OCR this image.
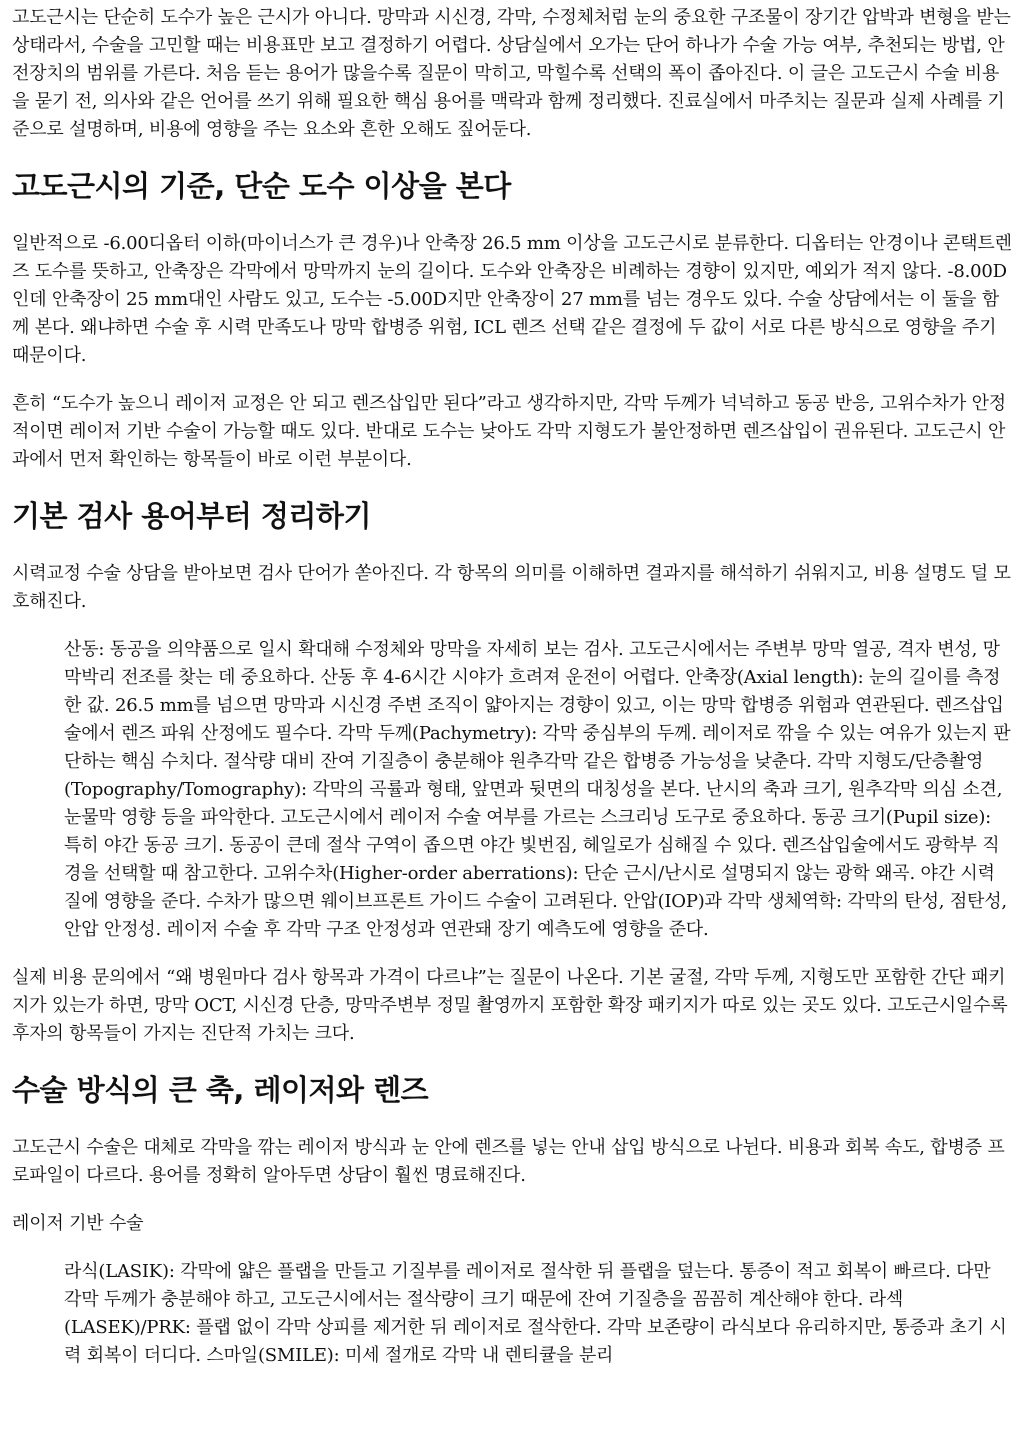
고도근시는 단순히 도수가 높은 근시가 아니다. 망막과 시신경, 각막, 수정체처럼 눈의 중요한 구조물이 장기간 압박과 변형을 받는 상태라서, 수술을 고민할 때는 비용표만 보고 결정하기 어렵다. 상담실에서 오가는 단어 하나가 수술 가능 여부, 추천되는 방법, 안전장치의 범위를 가른다. 처음 듣는 용어가 많을수록 질문이 막히고, 막힐수록 선택의 폭이 좁아진다. 이 글은 고도근시 수술 비용을 묻기 전, 의사와 같은 언어를 쓰기 위해 필요한 핵심 용어를 맥락과 함께 정리했다. 진료실에서 마주치는 질문과 실제 사례를 기준으로 설명하며, 비용에 영향을 주는 요소와 흔한 오해도 짚어둔다.

고도근시의 기준, 단순 도수 이상을 본다

일반적으로 -6.00디옵터 이하(마이너스가 큰 경우)나 안축장 26.5 mm 이상을 고도근시로 분류한다. 디옵터는 안경이나 콘택트렌즈 도수를 뜻하고, 안축장은 각막에서 망막까지 눈의 길이다. 도수와 안축장은 비례하는 경향이 있지만, 예외가 적지 않다. -8.00D인데 안축장이 25 mm대인 사람도 있고, 도수는 -5.00D지만 안축장이 27 mm를 넘는 경우도 있다. 수술 상담에서는 이 둘을 함께 본다. 왜냐하면 수술 후 시력 만족도나 망막 합병증 위험, ICL 렌즈 선택 같은 결정에 두 값이 서로 다른 방식으로 영향을 주기 때문이다.

흔히 “도수가 높으니 레이저 교정은 안 되고 렌즈삽입만 된다”라고 생각하지만, 각막 두께가 넉넉하고 동공 반응, 고위수차가 안정적이면 레이저 기반 수술이 가능할 때도 있다. 반대로 도수는 낮아도 각막 지형도가 불안정하면 렌즈삽입이 권유된다. 고도근시 안과에서 먼저 확인하는 항목들이 바로 이런 부분이다.

기본 검사 용어부터 정리하기

시력교정 수술 상담을 받아보면 검사 단어가 쏟아진다. 각 항목의 의미를 이해하면 결과지를 해석하기 쉬워지고, 비용 설명도 덜 모호해진다.

산동: 동공을 의약품으로 일시 확대해 수정체와 망막을 자세히 보는 검사. 고도근시에서는 주변부 망막 열공, 격자 변성, 망막박리 전조를 찾는 데 중요하다. 산동 후 4-6시간 시야가 흐려져 운전이 어렵다. 안축장(Axial length): 눈의 길이를 측정한 값. 26.5 mm를 넘으면 망막과 시신경 주변 조직이 얇아지는 경향이 있고, 이는 망막 합병증 위험과 연관된다. 렌즈삽입술에서 렌즈 파워 산정에도 필수다. 각막 두께(Pachymetry): 각막 중심부의 두께. 레이저로 깎을 수 있는 여유가 있는지 판단하는 핵심 수치다. 절삭량 대비 잔여 기질층이 충분해야 원추각막 같은 합병증 가능성을 낮춘다. 각막 지형도/단층촬영(Topography/Tomography): 각막의 곡률과 형태, 앞면과 뒷면의 대칭성을 본다. 난시의 축과 크기, 원추각막 의심 소견, 눈물막 영향 등을 파악한다. 고도근시에서 레이저 수술 여부를 가르는 스크리닝 도구로 중요하다. 동공 크기(Pupil size): 특히 야간 동공 크기. 동공이 큰데 절삭 구역이 좁으면 야간 빛번짐, 헤일로가 심해질 수 있다. 렌즈삽입술에서도 광학부 직경을 선택할 때 참고한다. 고위수차(Higher-order aberrations): 단순 근시/난시로 설명되지 않는 광학 왜곡. 야간 시력 질에 영향을 준다. 수차가 많으면 웨이브프론트 가이드 수술이 고려된다. 안압(IOP)과 각막 생체역학: 각막의 탄성, 점탄성, 안압 안정성. 레이저 수술 후 각막 구조 안정성과 연관돼 장기 예측도에 영향을 준다.

실제 비용 문의에서 “왜 병원마다 검사 항목과 가격이 다르냐”는 질문이 나온다. 기본 굴절, 각막 두께, 지형도만 포함한 간단 패키지가 있는가 하면, 망막 OCT, 시신경 단층, 망막주변부 정밀 촬영까지 포함한 확장 패키지가 따로 있는 곳도 있다. 고도근시일수록 후자의 항목들이 가지는 진단적 가치는 크다.

수술 방식의 큰 축, 레이저와 렌즈

고도근시 수술은 대체로 각막을 깎는 레이저 방식과 눈 안에 렌즈를 넣는 안내 삽입 방식으로 나뉜다. 비용과 회복 속도, 합병증 프로파일이 다르다. 용어를 정확히 알아두면 상담이 훨씬 명료해진다.

레이저 기반 수술

라식(LASIK): 각막에 얇은 플랩을 만들고 기질부를 레이저로 절삭한 뒤 플랩을 덮는다. 통증이 적고 회복이 빠르다. 다만 각막 두께가 충분해야 하고, 고도근시에서는 절삭량이 크기 때문에 잔여 기질층을 꼼꼼히 계산해야 한다. 라섹(LASEK)/PRK: 플랩 없이 각막 상피를 제거한 뒤 레이저로 절삭한다. 각막 보존량이 라식보다 유리하지만, 통증과 초기 시력 회복이 더디다. 스마일(SMILE): 미세 절개로 각막 내 렌티큘을 분리
